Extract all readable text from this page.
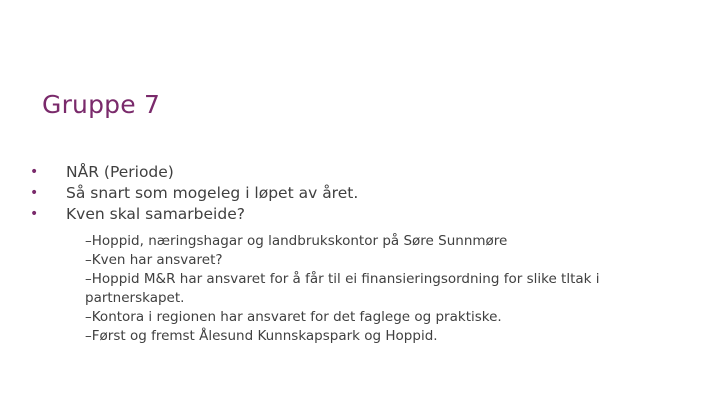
Gruppe 7
• NÅR (Periode)
• Så snart som mogeleg i løpet av året.
• Kven skal samarbeide?
–Hoppid, næringshagar og landbrukskontor på Søre Sunnmøre
–Kven har ansvaret?
–Hoppid M&R har ansvaret for å får til ei finansieringsordning for slike tltak i partnerskapet.
–Kontora i regionen har ansvaret for det faglege og praktiske.
–Først og fremst Ålesund Kunnskapspark og Hoppid.
